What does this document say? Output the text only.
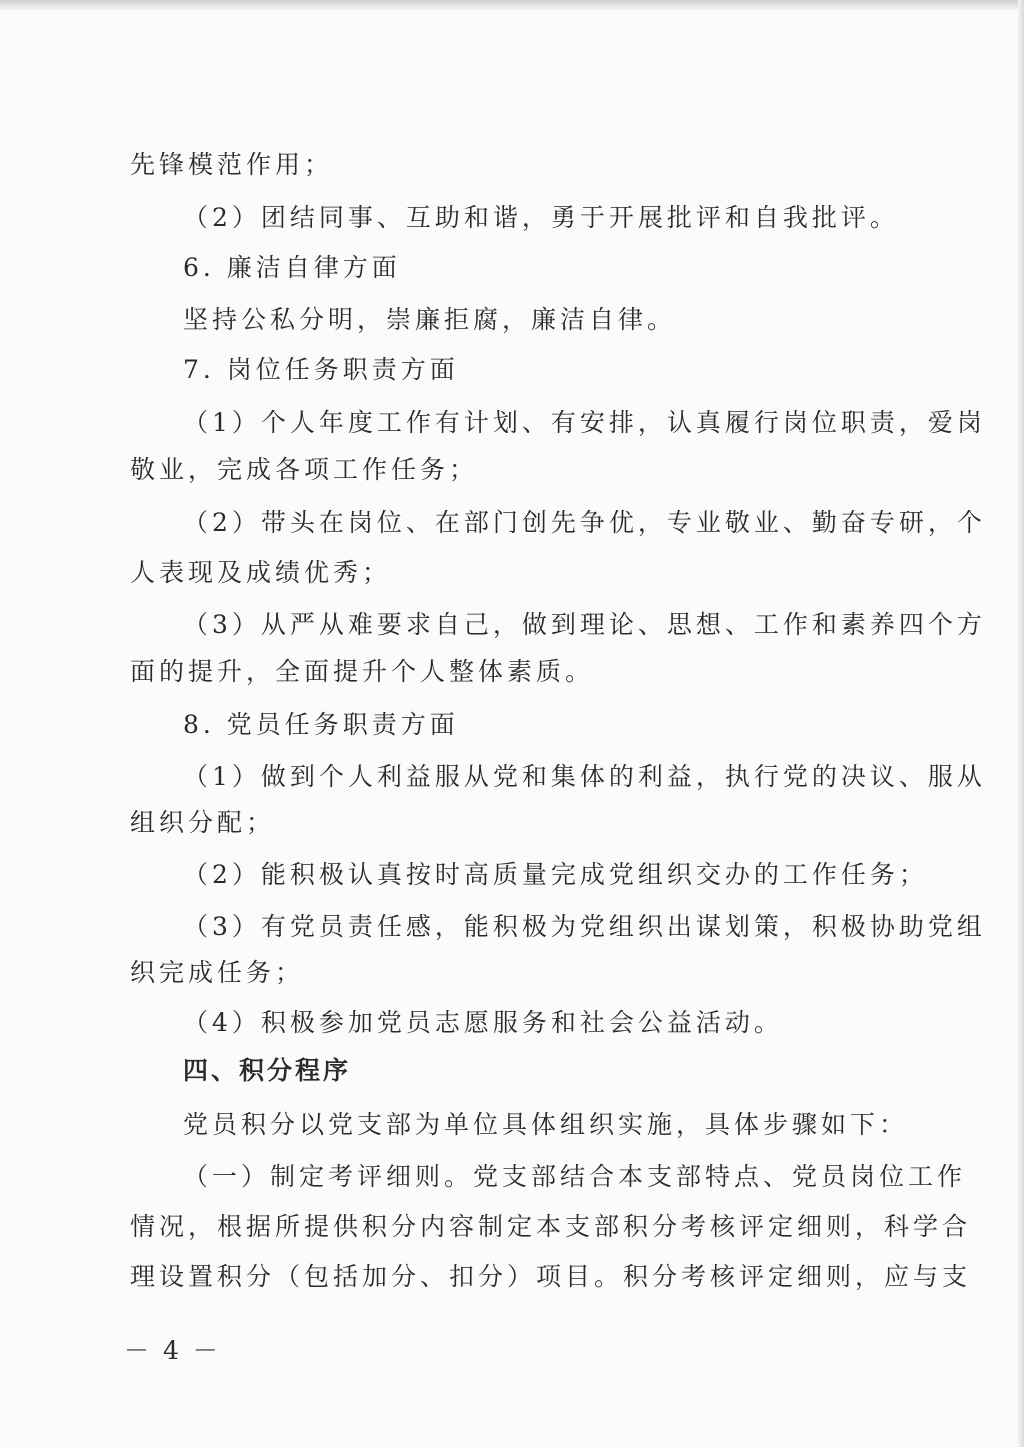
先锋模范作用；
（2）团结同事、互助和谐，勇于开展批评和自我批评。
6. 廉洁自律方面
坚持公私分明，崇廉拒腐，廉洁自律。
7. 岗位任务职责方面
（1）个人年度工作有计划、有安排，认真履行岗位职责，爱岗
敬业，完成各项工作任务；
（2）带头在岗位、在部门创先争优，专业敬业、勤奋专研，个
人表现及成绩优秀；
（3）从严从难要求自己，做到理论、思想、工作和素养四个方
面的提升，全面提升个人整体素质。
8. 党员任务职责方面
（1）做到个人利益服从党和集体的利益，执行党的决议、服从
组织分配；
（2）能积极认真按时高质量完成党组织交办的工作任务；
（3）有党员责任感，能积极为党组织出谋划策，积极协助党组
织完成任务；
（4）积极参加党员志愿服务和社会公益活动。
四、积分程序
党员积分以党支部为单位具体组织实施，具体步骤如下：
（一）制定考评细则。党支部结合本支部特点、党员岗位工作
情况，根据所提供积分内容制定本支部积分考核评定细则，科学合
理设置积分（包括加分、扣分）项目。积分考核评定细则，应与支
－ 4 －
